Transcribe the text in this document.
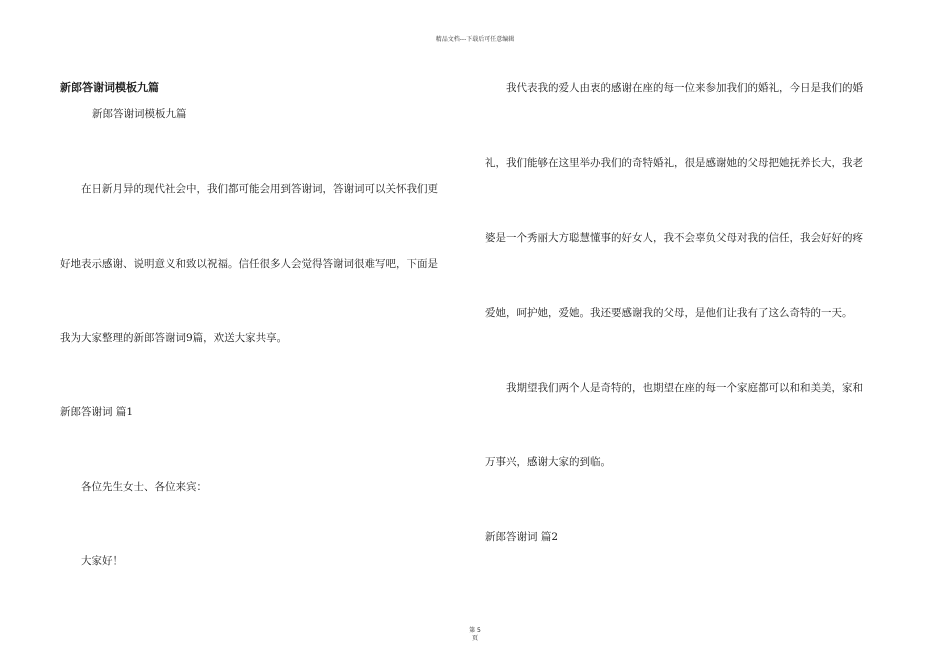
精品文档---下载后可任意编辑
新郎答谢词模板九篇
新郎答谢词模板九篇
在日新月异的现代社会中，我们都可能会用到答谢词，答谢词可以关怀我们更
好地表示感谢、说明意义和致以祝福。信任很多人会觉得答谢词很难写吧，下面是
我为大家整理的新郎答谢词9篇，欢送大家共享。
新郎答谢词 篇1
各位先生女士、各位来宾：
大家好！
我代表我的爱人由衷的感谢在座的每一位来参加我们的婚礼，今日是我们的婚
礼，我们能够在这里举办我们的奇特婚礼，很是感谢她的父母把她抚养长大，我老
婆是一个秀丽大方聪慧懂事的好女人，我不会辜负父母对我的信任，我会好好的疼
爱她，呵护她，爱她。我还要感谢我的父母，是他们让我有了这么奇特的一天。
我期望我们两个人是奇特的，也期望在座的每一个家庭都可以和和美美，家和
万事兴，感谢大家的到临。
新郎答谢词 篇2
第 5
页
